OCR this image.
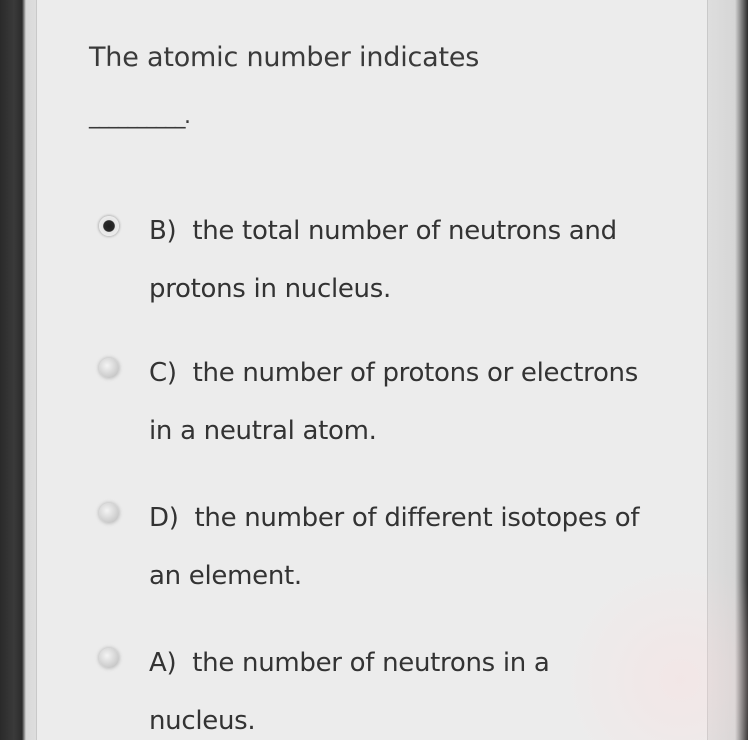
The atomic number indicates
__________.
B) the total number of neutrons and protons in nucleus.
C) the number of protons or electrons in a neutral atom.
D) the number of different isotopes of an element.
A) the number of neutrons in a nucleus.
